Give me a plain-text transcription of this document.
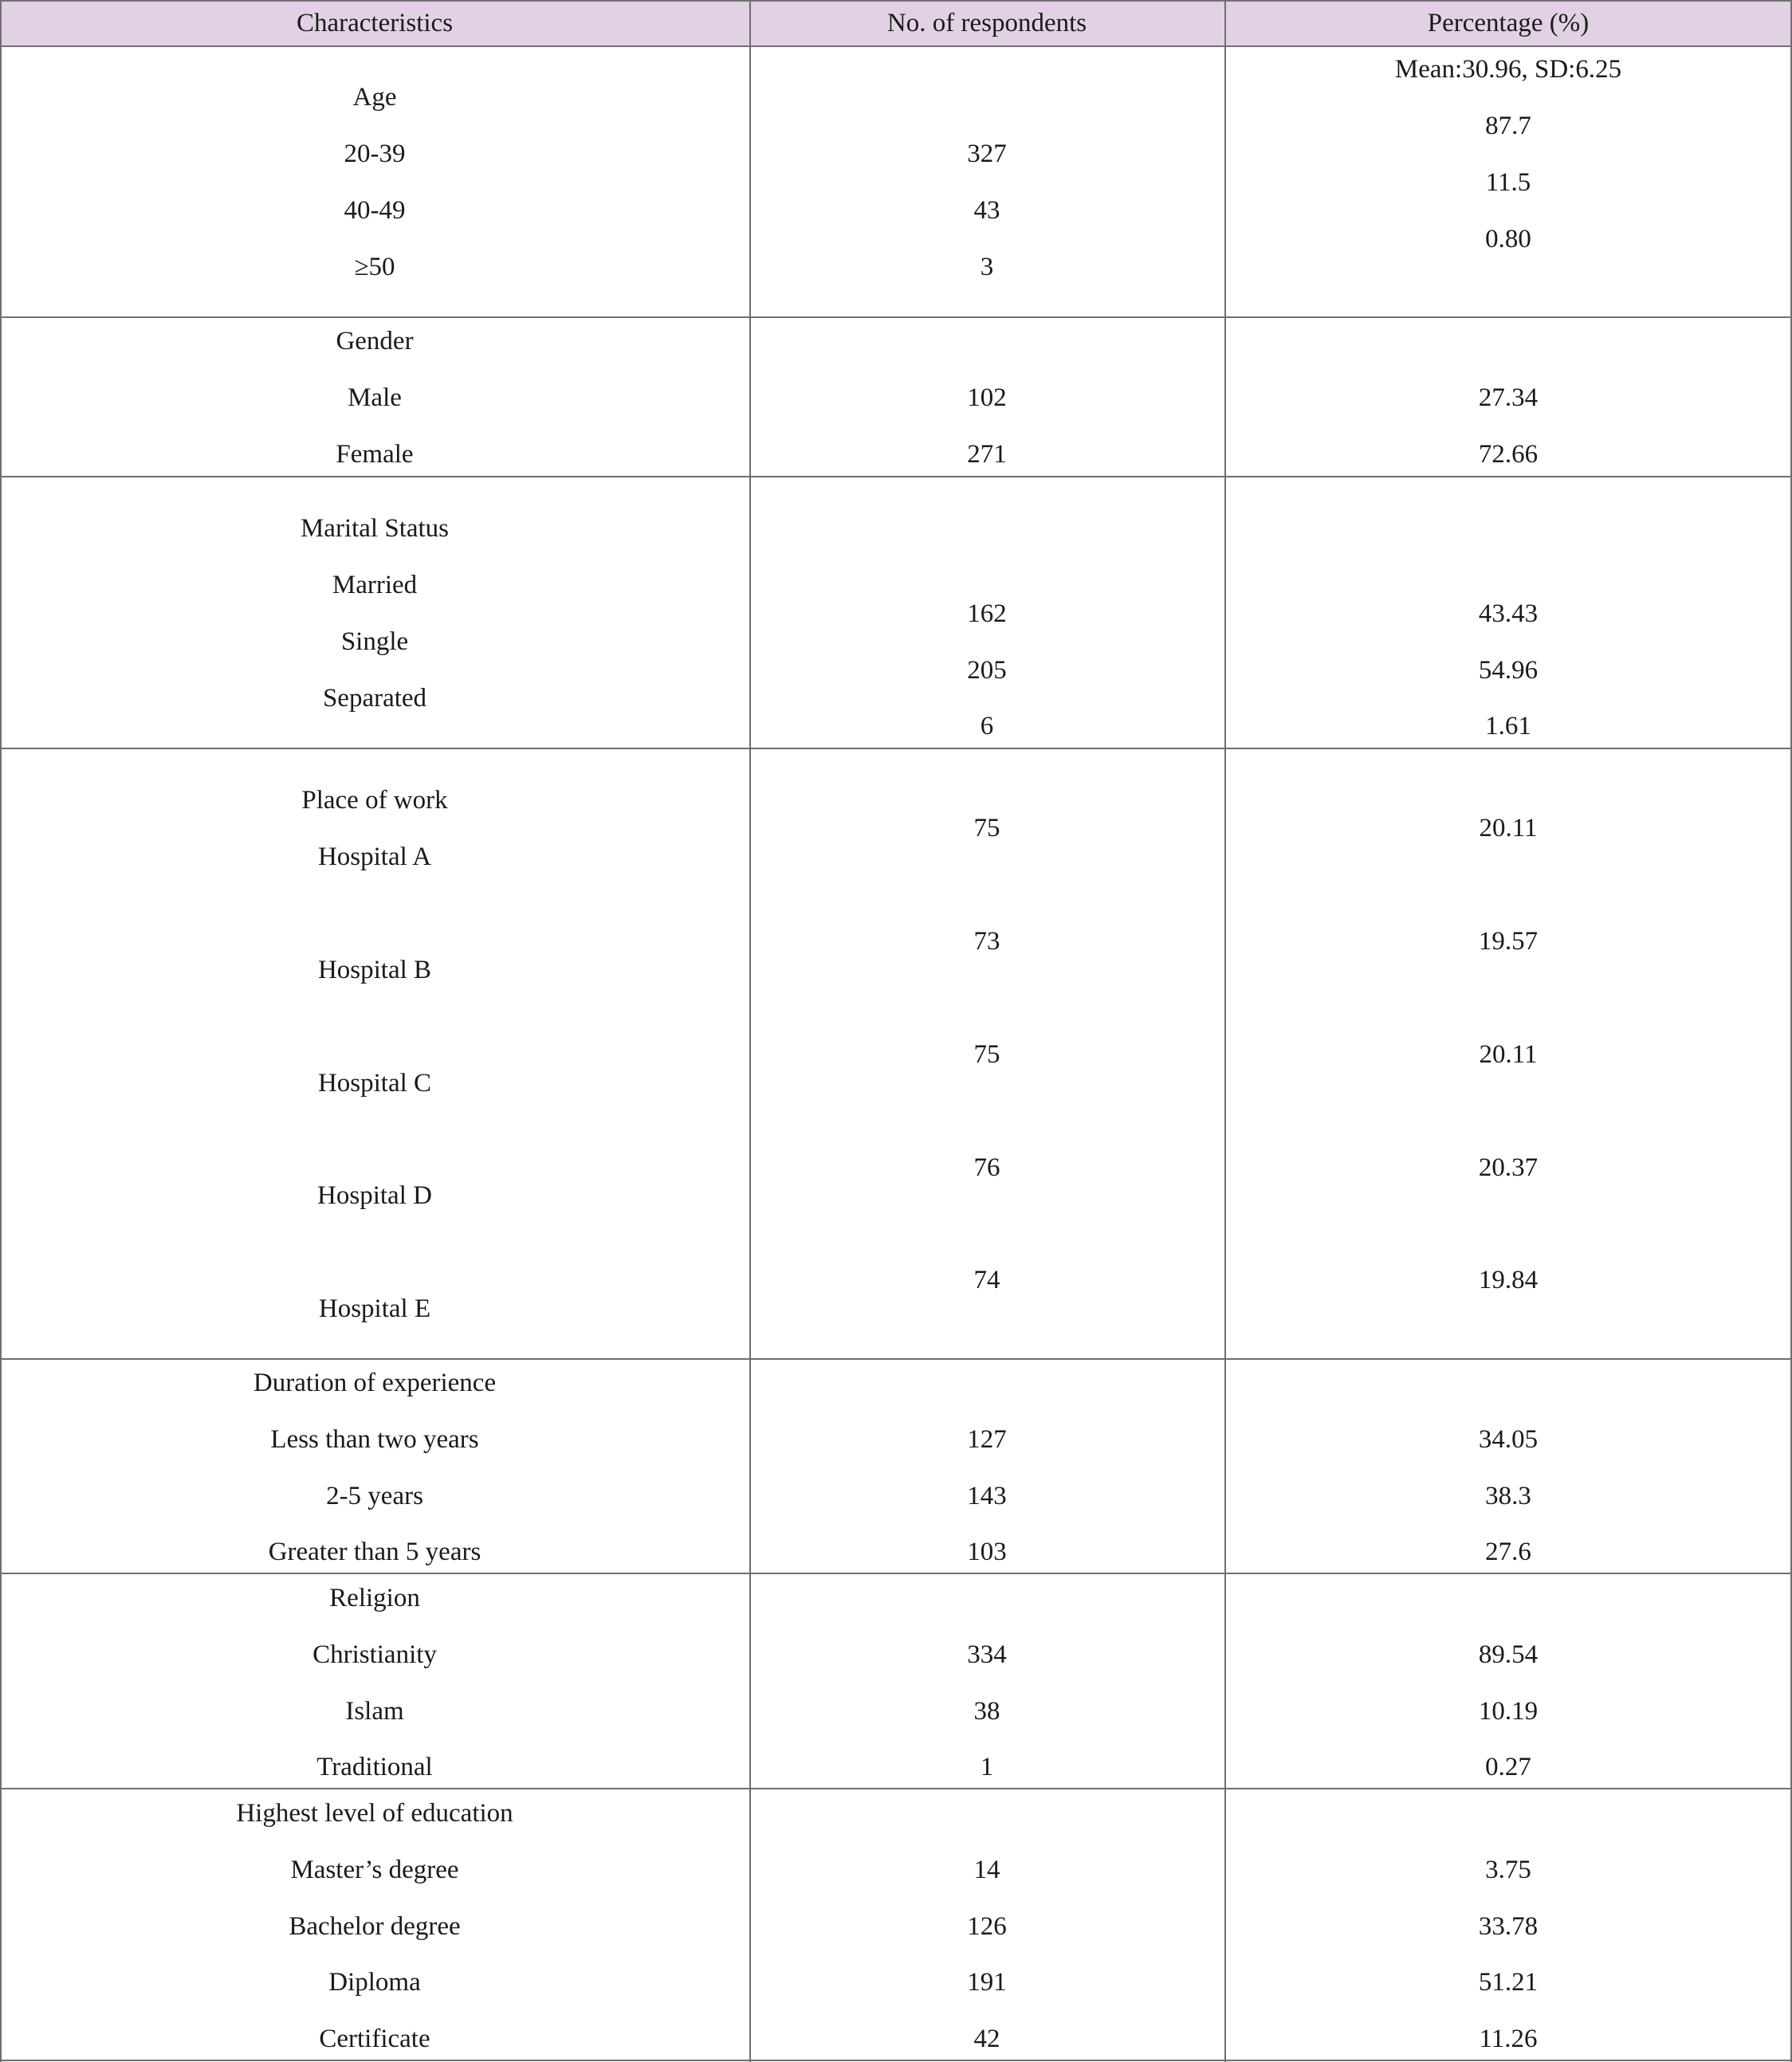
Characteristics	No. of respondents	Percentage (%)
Age
20-39
40-49
≥50
327
43
3
Mean:30.96, SD:6.25
87.7
11.5
0.80
Gender
Male
Female
102
271
27.34
72.66
Marital Status
Married
Single
Separated
162
205
6
43.43
54.96
1.61
Place of work
Hospital A
Hospital B
Hospital C
Hospital D
Hospital E
75
73
75
76
74
20.11
19.57
20.11
20.37
19.84
Duration of experience
Less than two years
2-5 years
Greater than 5 years
127
143
103
34.05
38.3
27.6
Religion
Christianity
Islam
Traditional
334
38
1
89.54
10.19
0.27
Highest level of education
Master’s degree
Bachelor degree
Diploma
Certificate
14
126
191
42
3.75
33.78
51.21
11.26
